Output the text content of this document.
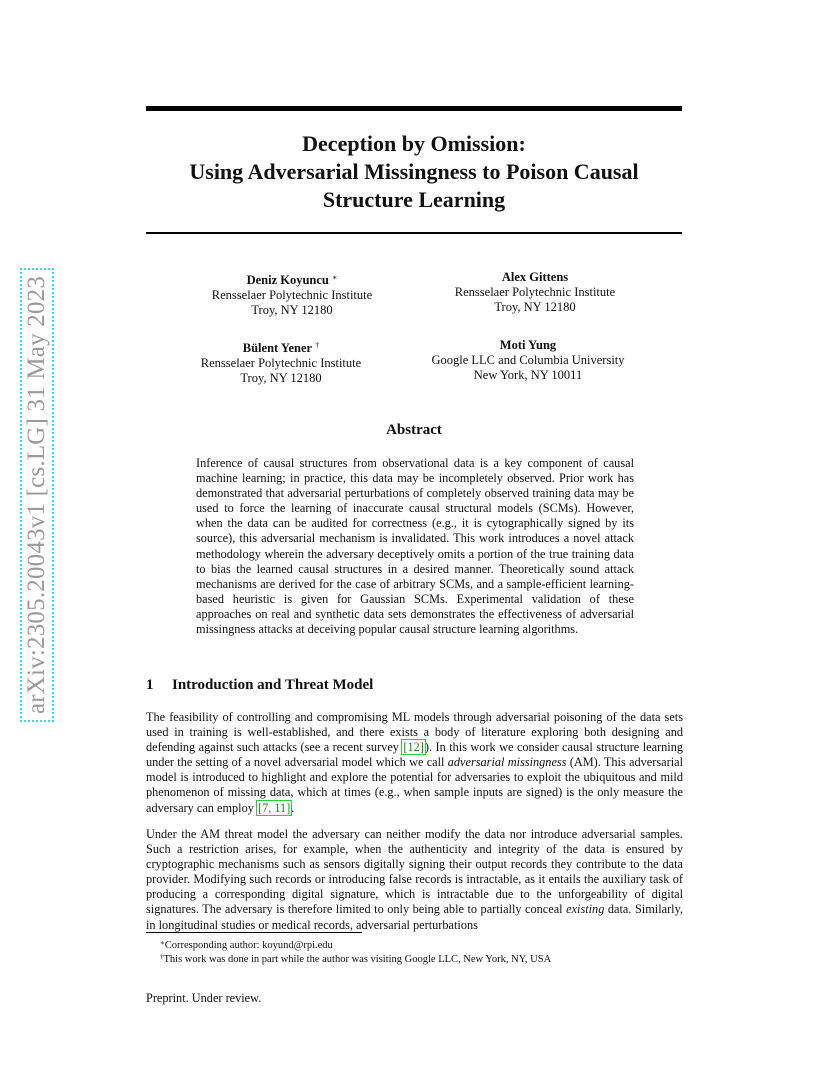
arXiv:2305.20043v1 [cs.LG] 31 May 2023
Deception by Omission:
Using Adversarial Missingness to Poison Causal
Structure Learning
Deniz Koyuncu ∗
Rensselaer Polytechnic Institute
Troy, NY 12180
Alex Gittens
Rensselaer Polytechnic Institute
Troy, NY 12180
Bülent Yener †
Rensselaer Polytechnic Institute
Troy, NY 12180
Moti Yung
Google LLC and Columbia University
New York, NY 10011
Abstract
Inference of causal structures from observational data is a key component of causal machine learning; in practice, this data may be incompletely observed. Prior work has demonstrated that adversarial perturbations of completely observed training data may be used to force the learning of inaccurate causal structural models (SCMs). However, when the data can be audited for correctness (e.g., it is cytographically signed by its source), this adversarial mechanism is invalidated. This work introduces a novel attack methodology wherein the adversary deceptively omits a portion of the true training data to bias the learned causal structures in a desired manner. Theoretically sound attack mechanisms are derived for the case of arbitrary SCMs, and a sample-efficient learning-based heuristic is given for Gaussian SCMs. Experimental validation of these approaches on real and synthetic data sets demonstrates the effectiveness of adversarial missingness attacks at deceiving popular causal structure learning algorithms.
1 Introduction and Threat Model
The feasibility of controlling and compromising ML models through adversarial poisoning of the data sets used in training is well-established, and there exists a body of literature exploring both designing and defending against such attacks (see a recent survey [12]). In this work we consider causal structure learning under the setting of a novel adversarial model which we call adversarial missingness (AM). This adversarial model is introduced to highlight and explore the potential for adversaries to exploit the ubiquitous and mild phenomenon of missing data, which at times (e.g., when sample inputs are signed) is the only measure the adversary can employ [7, 11].
Under the AM threat model the adversary can neither modify the data nor introduce adversarial samples. Such a restriction arises, for example, when the authenticity and integrity of the data is ensured by cryptographic mechanisms such as sensors digitally signing their output records they contribute to the data provider. Modifying such records or introducing false records is intractable, as it entails the auxiliary task of producing a corresponding digital signature, which is intractable due to the unforgeability of digital signatures. The adversary is therefore limited to only being able to partially conceal existing data. Similarly, in longitudinal studies or medical records, adversarial perturbations
∗Corresponding author: koyund@rpi.edu
†This work was done in part while the author was visiting Google LLC, New York, NY, USA
Preprint. Under review.
